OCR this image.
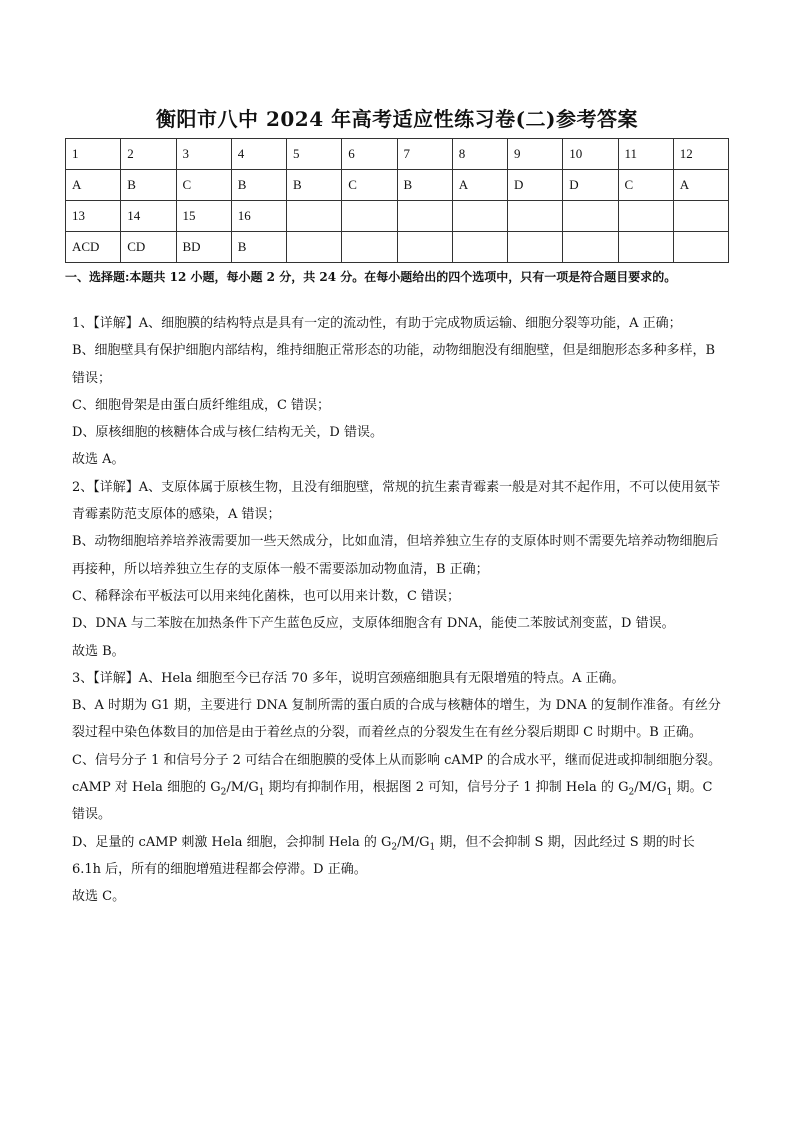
衡阳市八中 2024 年高考适应性练习卷(二)参考答案
1	2	3	4	5	6	7	8	9	10	11	12
A	B	C	B	B	C	B	A	D	D	C	A
13	14	15	16								
ACD	CD	BD	B								
一、选择题:本题共 12 小题，每小题 2 分，共 24 分。在每小题给出的四个选项中，只有一项是符合题目要求的。

1、【详解】A、细胞膜的结构特点是具有一定的流动性，有助于完成物质运输、细胞分裂等功能，A 正确；

B、细胞壁具有保护细胞内部结构，维持细胞正常形态的功能，动物细胞没有细胞壁，但是细胞形态多种多样，B 错误；

C、细胞骨架是由蛋白质纤维组成，C 错误；

D、原核细胞的核糖体合成与核仁结构无关，D 错误。

故选 A。

2、【详解】A、支原体属于原核生物，且没有细胞壁，常规的抗生素青霉素一般是对其不起作用，不可以使用氨苄青霉素防范支原体的感染，A 错误；

B、动物细胞培养培养液需要加一些天然成分，比如血清，但培养独立生存的支原体时则不需要先培养动物细胞后再接种，所以培养独立生存的支原体一般不需要添加动物血清，B 正确；

C、稀释涂布平板法可以用来纯化菌株，也可以用来计数，C 错误；

D、DNA 与二苯胺在加热条件下产生蓝色反应，支原体细胞含有 DNA，能使二苯胺试剂变蓝，D 错误。

故选 B。

3、【详解】A、Hela 细胞至今已存活 70 多年，说明宫颈癌细胞具有无限增殖的特点。A 正确。

B、A 时期为 G1 期，主要进行 DNA 复制所需的蛋白质的合成与核糖体的增生，为 DNA 的复制作准备。有丝分裂过程中染色体数目的加倍是由于着丝点的分裂，而着丝点的分裂发生在有丝分裂后期即 C 时期中。B 正确。

C、信号分子 1 和信号分子 2 可结合在细胞膜的受体上从而影响 cAMP 的合成水平，继而促进或抑制细胞分裂。cAMP 对 Hela 细胞的 $G_2/M/G_1$ 期均有抑制作用，根据图 2 可知，信号分子 1 抑制 Hela 的 $G_2/M/G_1$ 期。C 错误。

D、足量的 cAMP 刺激 Hela 细胞，会抑制 Hela 的 $G_2/M/G_1$ 期，但不会抑制 S 期，因此经过 S 期的时长 6.1h 后，所有的细胞增殖进程都会停滞。D 正确。

故选 C。
